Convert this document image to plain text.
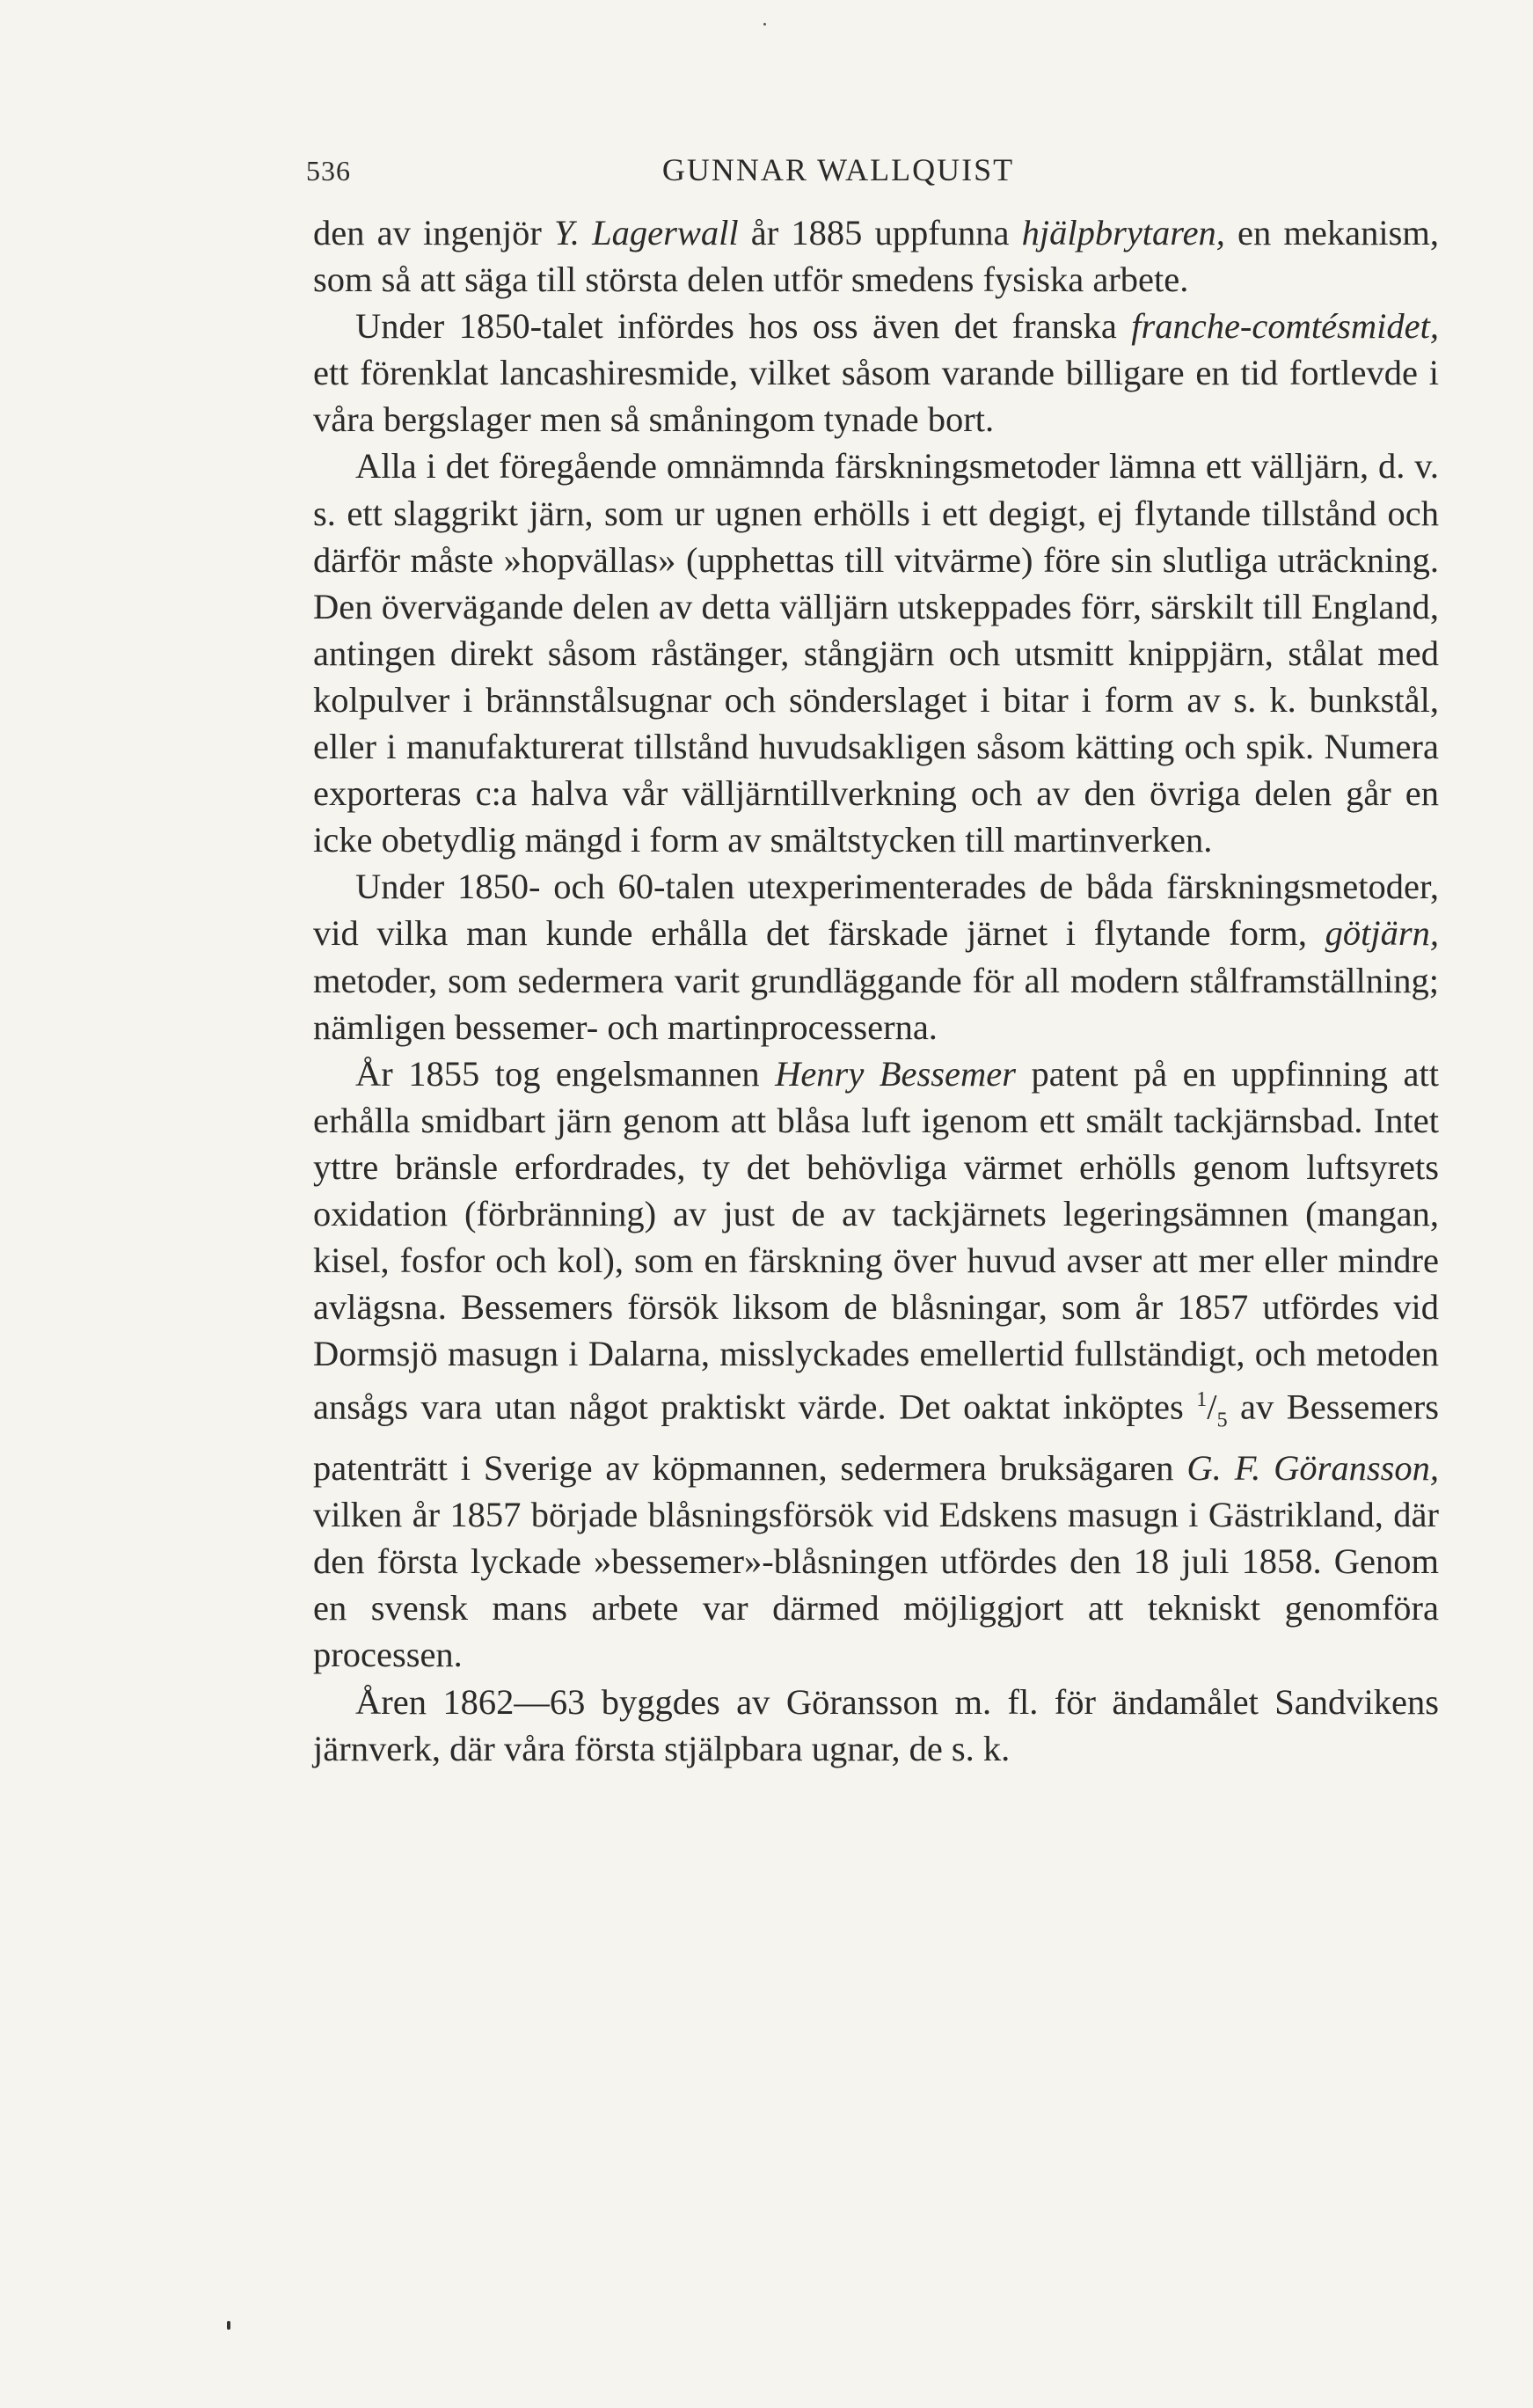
536	GUNNAR WALLQUIST

den av ingenjör Y. Lagerwall år 1885 uppfunna hjälpbrytaren, en mekanism, som så att säga till största delen utför smedens fysiska arbete.

Under 1850-talet infördes hos oss även det franska franche-comtésmidet, ett förenklat lancashiresmide, vilket såsom varande billigare en tid fortlevde i våra bergslager men så småningom tynade bort.

Alla i det föregående omnämnda färskningsmetoder lämna ett välljärn, d. v. s. ett slaggrikt järn, som ur ugnen erhölls i ett degigt, ej flytande tillstånd och därför måste »hopvällas» (upphettas till vitvärme) före sin slutliga uträckning. Den övervägande delen av detta välljärn utskeppades förr, särskilt till England, antingen direkt såsom råstänger, stångjärn och utsmitt knippjärn, stålat med kolpulver i brännstålsugnar och sönderslaget i bitar i form av s. k. bunkstål, eller i manufakturerat tillstånd huvudsakligen såsom kätting och spik. Numera exporteras c:a halva vår välljärntillverkning och av den övriga delen går en icke obetydlig mängd i form av smältstycken till martinverken.

Under 1850- och 60-talen utexperimenterades de båda färskningsmetoder, vid vilka man kunde erhålla det färskade järnet i flytande form, götjärn, metoder, som sedermera varit grundläggande för all modern stålframställning; nämligen bessemer- och martinprocesserna.

År 1855 tog engelsmannen Henry Bessemer patent på en uppfinning att erhålla smidbart järn genom att blåsa luft igenom ett smält tackjärnsbad. Intet yttre bränsle erfordrades, ty det behövliga värmet erhölls genom luftsyrets oxidation (förbränning) av just de av tackjärnets legeringsämnen (mangan, kisel, fosfor och kol), som en färskning över huvud avser att mer eller mindre avlägsna. Bessemers försök liksom de blåsningar, som år 1857 utfördes vid Dormsjö masugn i Dalarna, misslyckades emellertid fullständigt, och metoden ansågs vara utan något praktiskt värde. Det oaktat inköptes $^1/_5$ av Bessemers patenträtt i Sverige av köpmannen, sedermera bruksägaren G. F. Göransson, vilken år 1857 började blåsningsförsök vid Edskens masugn i Gästrikland, där den första lyckade »bessemer»-blåsningen utfördes den 18 juli 1858. Genom en svensk mans arbete var därmed möjliggjort att tekniskt genomföra processen.

Åren 1862—63 byggdes av Göransson m. fl. för ändamålet Sandvikens järnverk, där våra första stjälpbara ugnar, de s. k.
